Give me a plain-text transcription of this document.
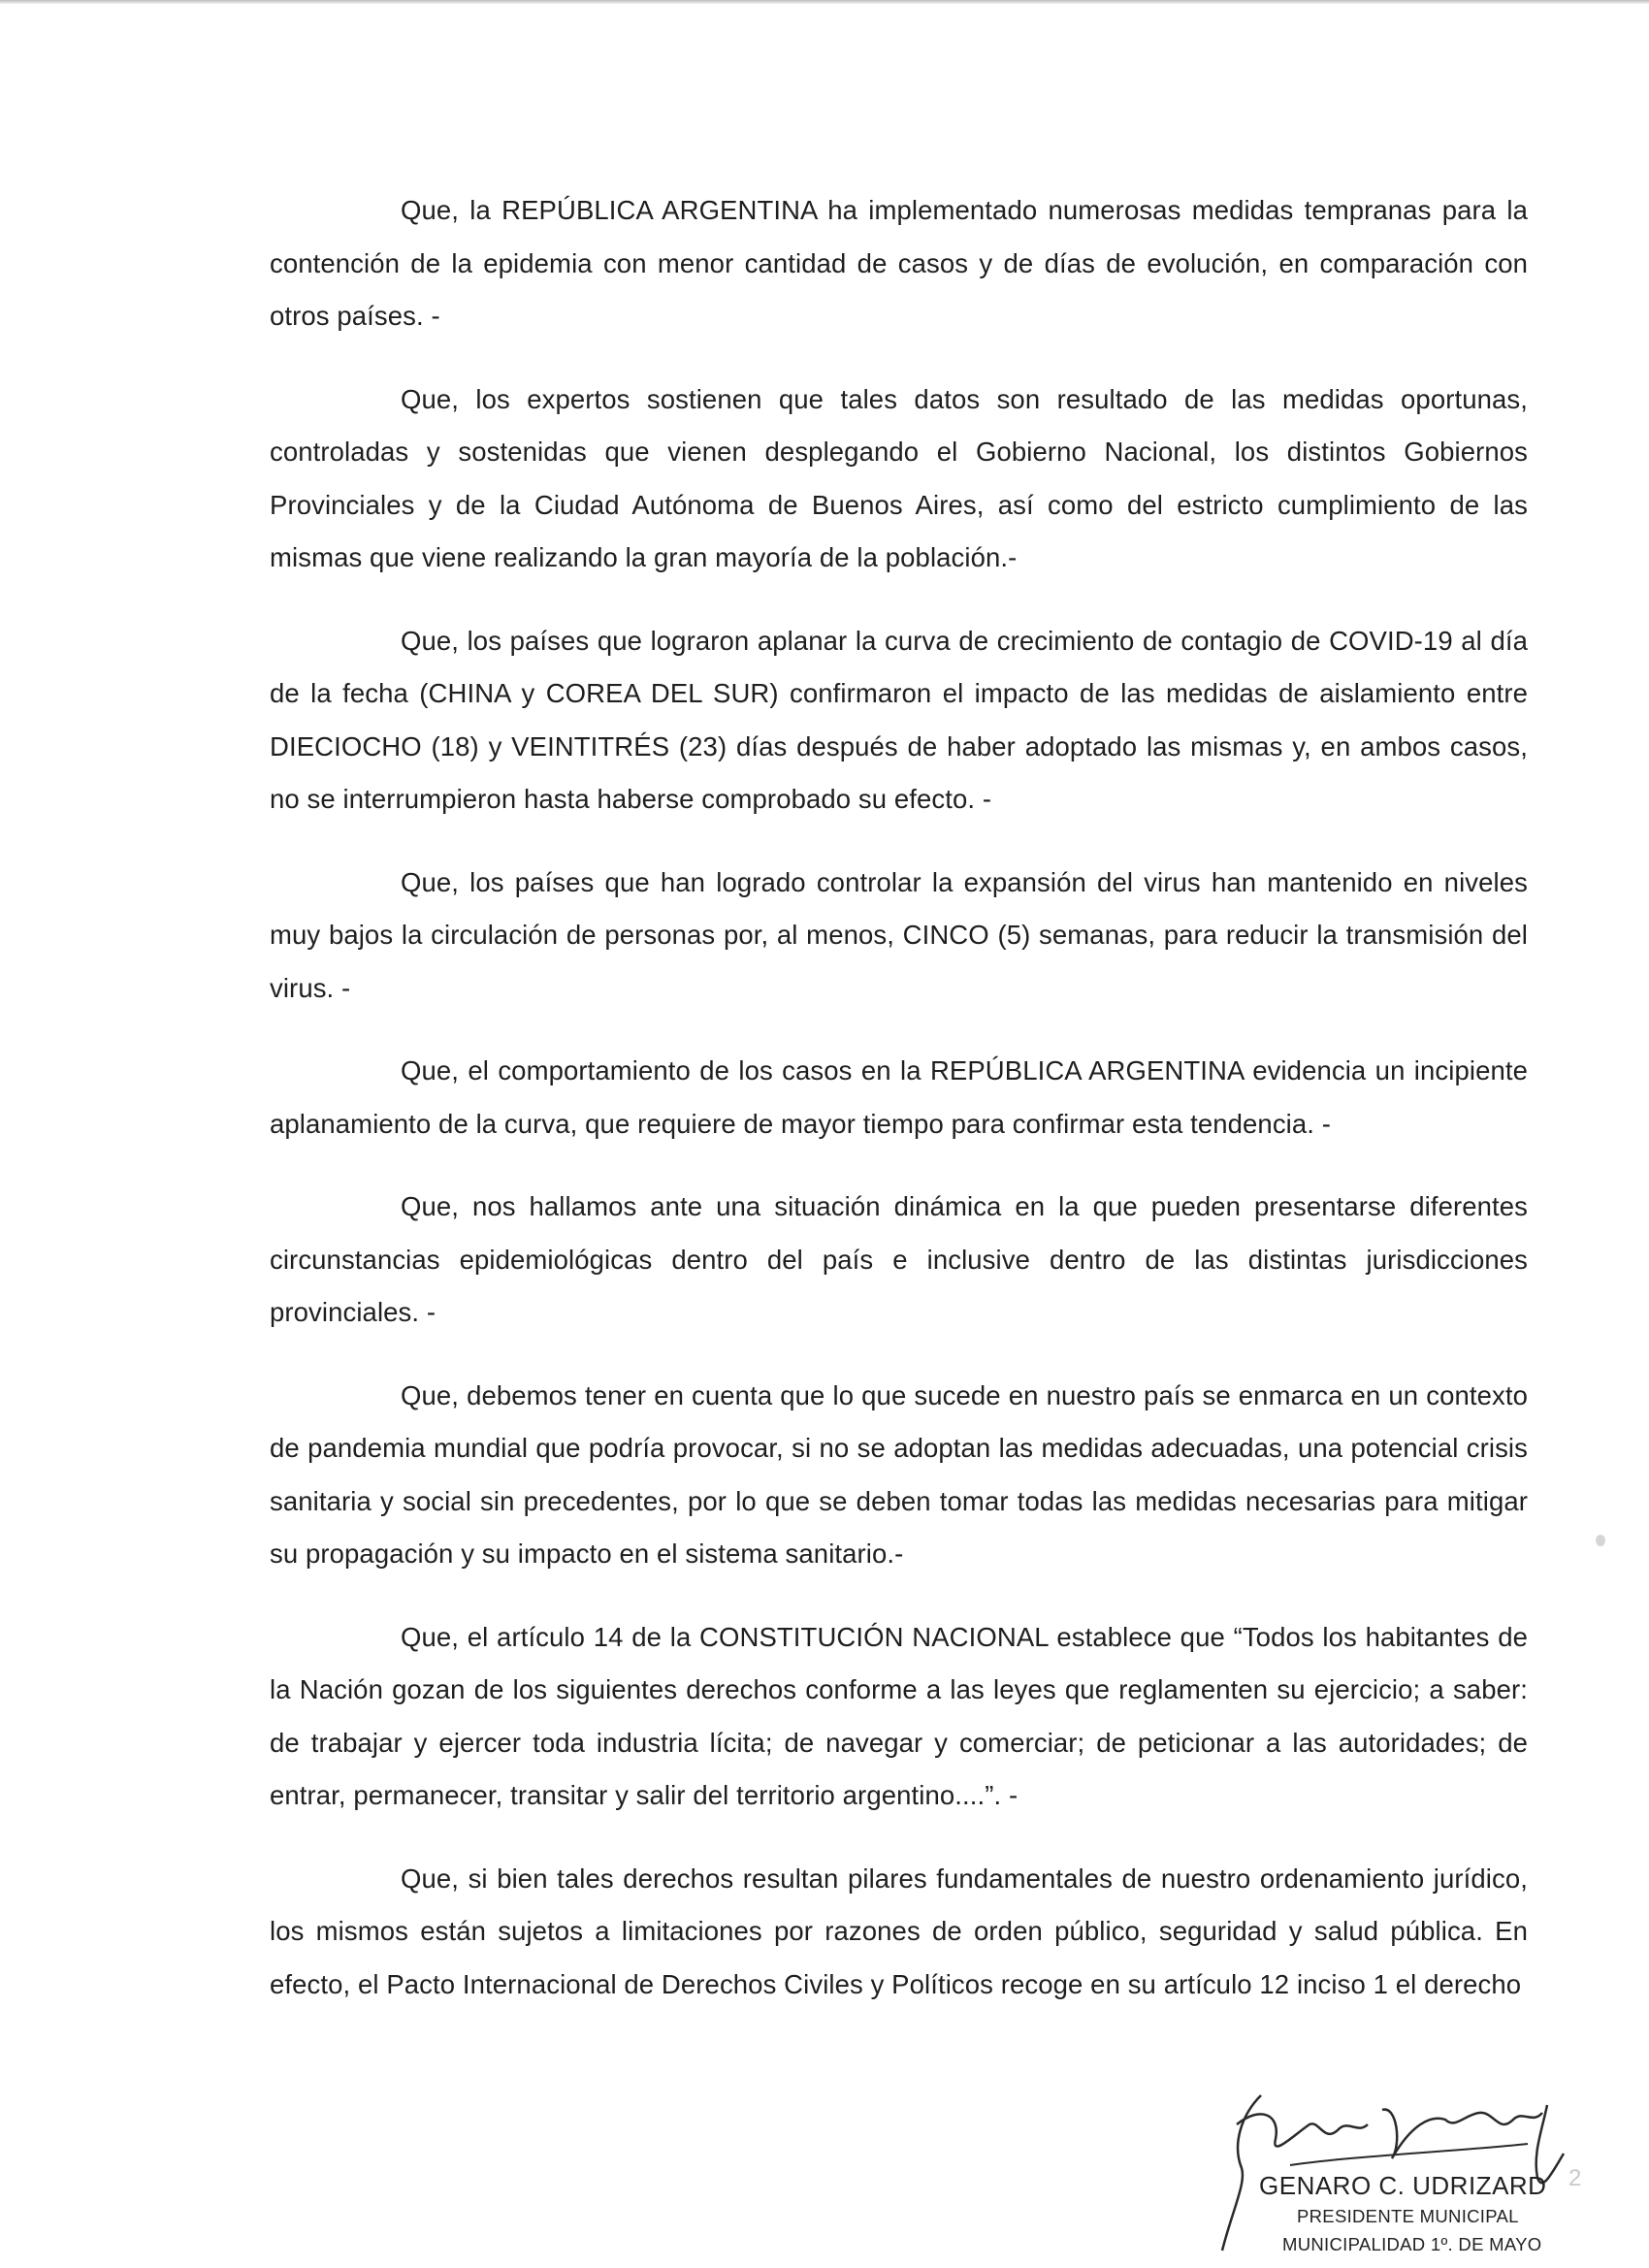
Que, la REPÚBLICA ARGENTINA ha implementado numerosas medidas tempranas para la contención de la epidemia con menor cantidad de casos y de días de evolución, en comparación con otros países. -

Que, los expertos sostienen que tales datos son resultado de las medidas oportunas, controladas y sostenidas que vienen desplegando el Gobierno Nacional, los distintos Gobiernos Provinciales y de la Ciudad Autónoma de Buenos Aires, así como del estricto cumplimiento de las mismas que viene realizando la gran mayoría de la población.-

Que, los países que lograron aplanar la curva de crecimiento de contagio de COVID-19 al día de la fecha (CHINA y COREA DEL SUR) confirmaron el impacto de las medidas de aislamiento entre DIECIOCHO (18) y VEINTITRÉS (23) días después de haber adoptado las mismas y, en ambos casos, no se interrumpieron hasta haberse comprobado su efecto. -

Que, los países que han logrado controlar la expansión del virus han mantenido en niveles muy bajos la circulación de personas por, al menos, CINCO (5) semanas, para reducir la transmisión del virus. -

Que, el comportamiento de los casos en la REPÚBLICA ARGENTINA evidencia un incipiente aplanamiento de la curva, que requiere de mayor tiempo para confirmar esta tendencia. -

Que, nos hallamos ante una situación dinámica en la que pueden presentarse diferentes circunstancias epidemiológicas dentro del país e inclusive dentro de las distintas jurisdicciones provinciales. -

Que, debemos tener en cuenta que lo que sucede en nuestro país se enmarca en un contexto de pandemia mundial que podría provocar, si no se adoptan las medidas adecuadas, una potencial crisis sanitaria y social sin precedentes, por lo que se deben tomar todas las medidas necesarias para mitigar su propagación y su impacto en el sistema sanitario.-

Que, el artículo 14 de la CONSTITUCIÓN NACIONAL establece que “Todos los habitantes de la Nación gozan de los siguientes derechos conforme a las leyes que reglamenten su ejercicio; a saber: de trabajar y ejercer toda industria lícita; de navegar y comerciar; de peticionar a las autoridades; de entrar, permanecer, transitar y salir del territorio argentino....”. -

Que, si bien tales derechos resultan pilares fundamentales de nuestro ordenamiento jurídico, los mismos están sujetos a limitaciones por razones de orden público, seguridad y salud pública. En efecto, el Pacto Internacional de Derechos Civiles y Políticos recoge en su artículo 12 inciso 1 el derecho

GENARO C. UDRIZARD
PRESIDENTE MUNICIPAL
MUNICIPALIDAD 1º. DE MAYO
2
